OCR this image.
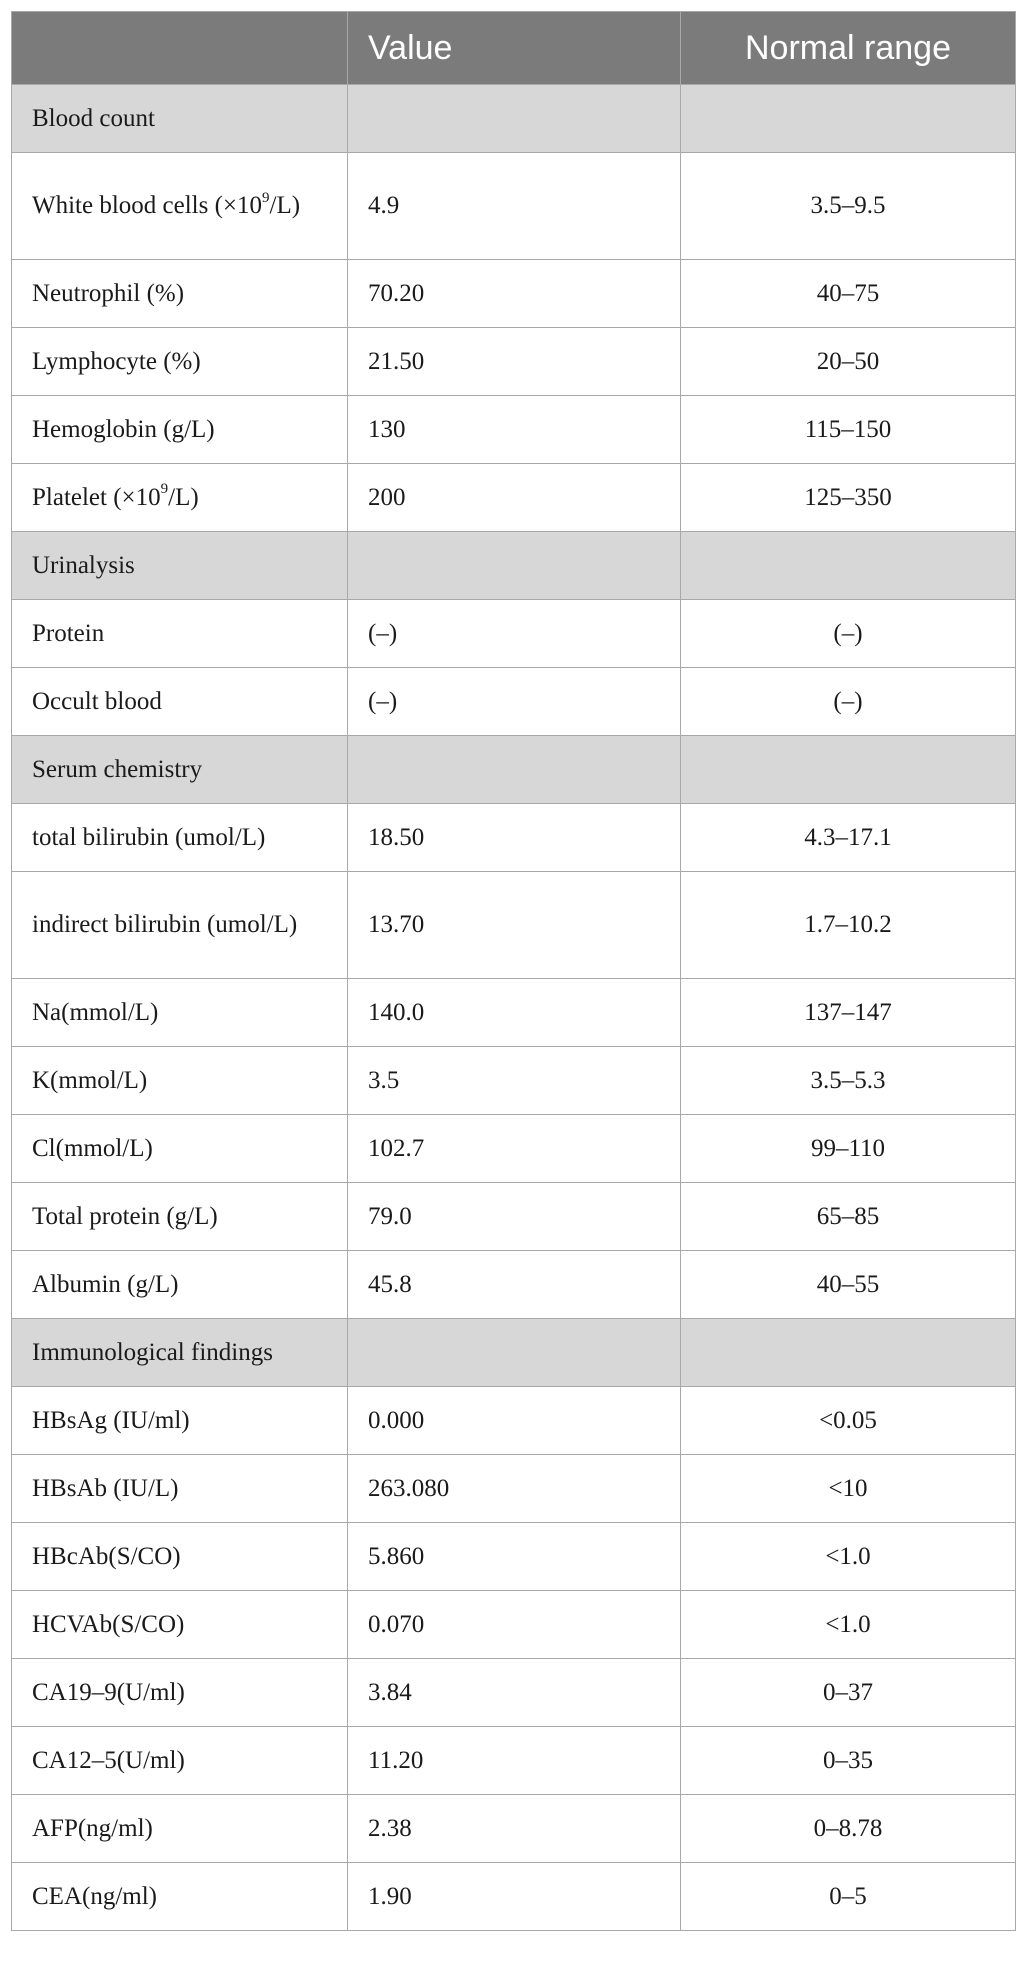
	Value	Normal range
Blood count		
White blood cells $(\times 10^9/L)$	4.9	3.5–9.5
Neutrophil (%)	70.20	40–75
Lymphocyte (%)	21.50	20–50
Hemoglobin (g/L)	130	115–150
Platelet $(\times 10^9/L)$	200	125–350
Urinalysis		
Protein	(–)	(–)
Occult blood	(–)	(–)
Serum chemistry		
total bilirubin (umol/L)	18.50	4.3–17.1
indirect bilirubin (umol/L)	13.70	1.7–10.2
Na(mmol/L)	140.0	137–147
K(mmol/L)	3.5	3.5–5.3
Cl(mmol/L)	102.7	99–110
Total protein (g/L)	79.0	65–85
Albumin (g/L)	45.8	40–55
Immunological findings		
HBsAg (IU/ml)	0.000	<0.05
HBsAb (IU/L)	263.080	<10
HBcAb(S/CO)	5.860	<1.0
HCVAb(S/CO)	0.070	<1.0
CA19–9(U/ml)	3.84	0–37
CA12–5(U/ml)	11.20	0–35
AFP(ng/ml)	2.38	0–8.78
CEA(ng/ml)	1.90	0–5
